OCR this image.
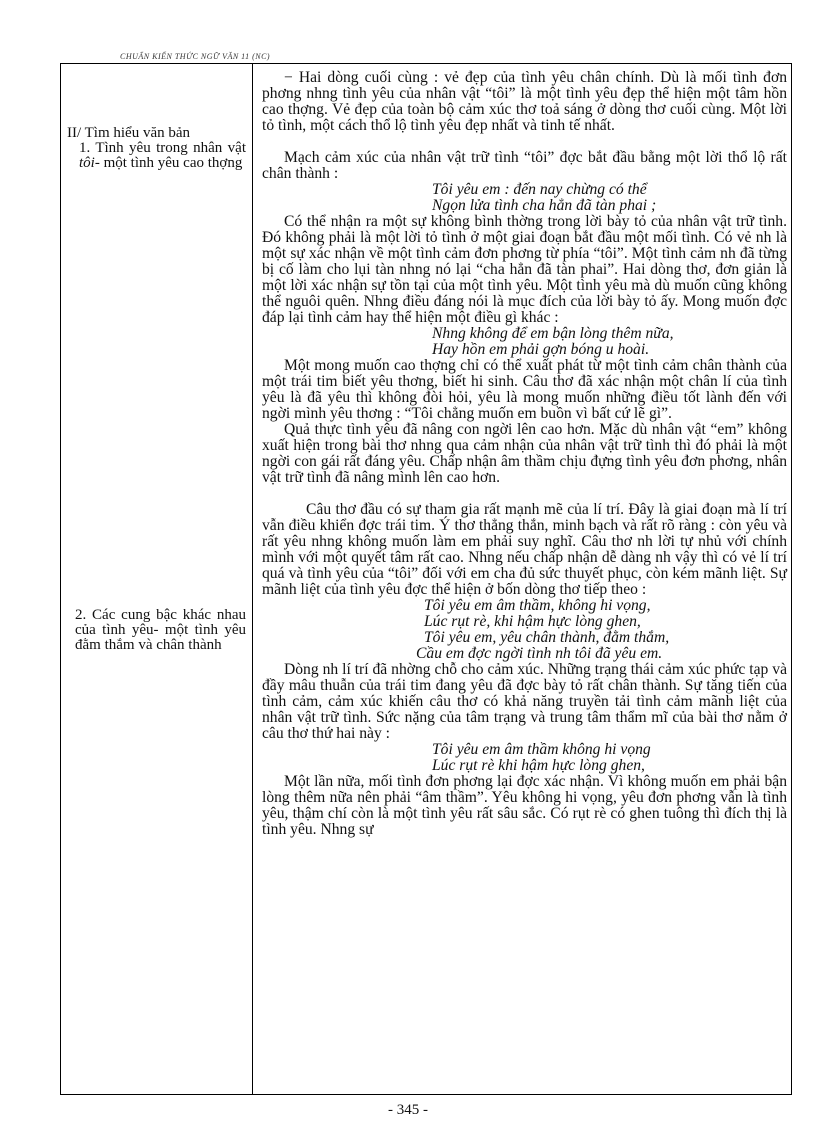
CHUẨN KIẾN THỨC NGỮ VĂN 11 (NC)
II/ Tìm hiểu văn bản
1. Tình yêu trong nhân vật tôi- một tình yêu cao thợng
2. Các cung bậc khác nhau của tình yêu- một tình yêu đằm thắm và chân thành

− Hai dòng cuối cùng : vẻ đẹp của tình yêu chân chính. Dù là mối tình đơn phơng nhng tình yêu của nhân vật “tôi” là một tình yêu đẹp thể hiện một tâm hồn cao thợng. Vẻ đẹp của toàn bộ cảm xúc thơ toả sáng ở dòng thơ cuối cùng. Một lời tỏ tình, một cách thổ lộ tình yêu đẹp nhất và tinh tế nhất.

Mạch cảm xúc của nhân vật trữ tình “tôi” đợc bắt đầu bằng một lời thổ lộ rất chân thành :

Tôi yêu em : đến nay chừng có thể

Ngọn lửa tình cha hẳn đã tàn phai ;

Có thể nhận ra một sự không bình thờng trong lời bày tỏ của nhân vật trữ tình. Đó không phải là một lời tỏ tình ở một giai đoạn bắt đầu một mối tình. Có vẻ nh là một sự xác nhận về một tình cảm đơn phơng từ phía “tôi”. Một tình cảm nh đã từng bị cố làm cho lụi tàn nhng nó lại “cha hẳn đã tàn phai”. Hai dòng thơ, đơn giản là một lời xác nhận sự tồn tại của một tình yêu. Một tình yêu mà dù muốn cũng không thể nguôi quên. Nhng điều đáng nói là mục đích của lời bày tỏ ấy. Mong muốn đợc đáp lại tình cảm hay thể hiện một điều gì khác :

Nhng không để em bận lòng thêm nữa,

Hay hồn em phải gợn bóng u hoài.

Một mong muốn cao thợng chỉ có thể xuất phát từ một tình cảm chân thành của một trái tim biết yêu thơng, biết hi sinh. Câu thơ đã xác nhận một chân lí của tình yêu là đã yêu thì không đòi hỏi, yêu là mong muốn những điều tốt lành đến với ngời mình yêu thơng : “Tôi chẳng muốn em buồn vì bất cứ lẽ gì”.

Quả thực tình yêu đã nâng con ngời lên cao hơn. Mặc dù nhân vật “em” không xuất hiện trong bài thơ nhng qua cảm nhận của nhân vật trữ tình thì đó phải là một ngời con gái rất đáng yêu. Chấp nhận âm thầm chịu đựng tình yêu đơn phơng, nhân vật trữ tình đã nâng mình lên cao hơn.

Câu thơ đầu có sự tham gia rất mạnh mẽ của lí trí. Đây là giai đoạn mà lí trí vẫn điều khiển đợc trái tim. Ý thơ thẳng thắn, minh bạch và rất rõ ràng : còn yêu và rất yêu nhng không muốn làm em phải suy nghĩ. Câu thơ nh lời tự nhủ với chính mình với một quyết tâm rất cao. Nhng nếu chấp nhận dễ dàng nh vậy thì có vẻ lí trí quá và tình yêu của “tôi” đối với em cha đủ sức thuyết phục, còn kém mãnh liệt. Sự mãnh liệt của tình yêu đợc thể hiện ở bốn dòng thơ tiếp theo :

Tôi yêu em âm thầm, không hi vọng,

Lúc rụt rè, khi hậm hực lòng ghen,

Tôi yêu em, yêu chân thành, đằm thắm,

Cầu em đợc ngời tình nh tôi đã yêu em.

Dòng nh lí trí đã nhờng chỗ cho cảm xúc. Những trạng thái cảm xúc phức tạp và đầy mâu thuẫn của trái tim đang yêu đã đợc bày tỏ rất chân thành. Sự tăng tiến của tình cảm, cảm xúc khiến câu thơ có khả năng truyền tải tình cảm mãnh liệt của nhân vật trữ tình. Sức nặng của tâm trạng và trung tâm thẩm mĩ của bài thơ nằm ở câu thơ thứ hai này :

Tôi yêu em âm thầm không hi vọng

Lúc rụt rè khi hậm hực lòng ghen,

Một lần nữa, mối tình đơn phơng lại đợc xác nhận. Vì không muốn em phải bận lòng thêm nữa nên phải “âm thầm”. Yêu không hi vọng, yêu đơn phơng vẫn là tình yêu, thậm chí còn là một tình yêu rất sâu sắc. Có rụt rè có ghen tuông thì đích thị là tình yêu. Nhng sự

- 345 -
